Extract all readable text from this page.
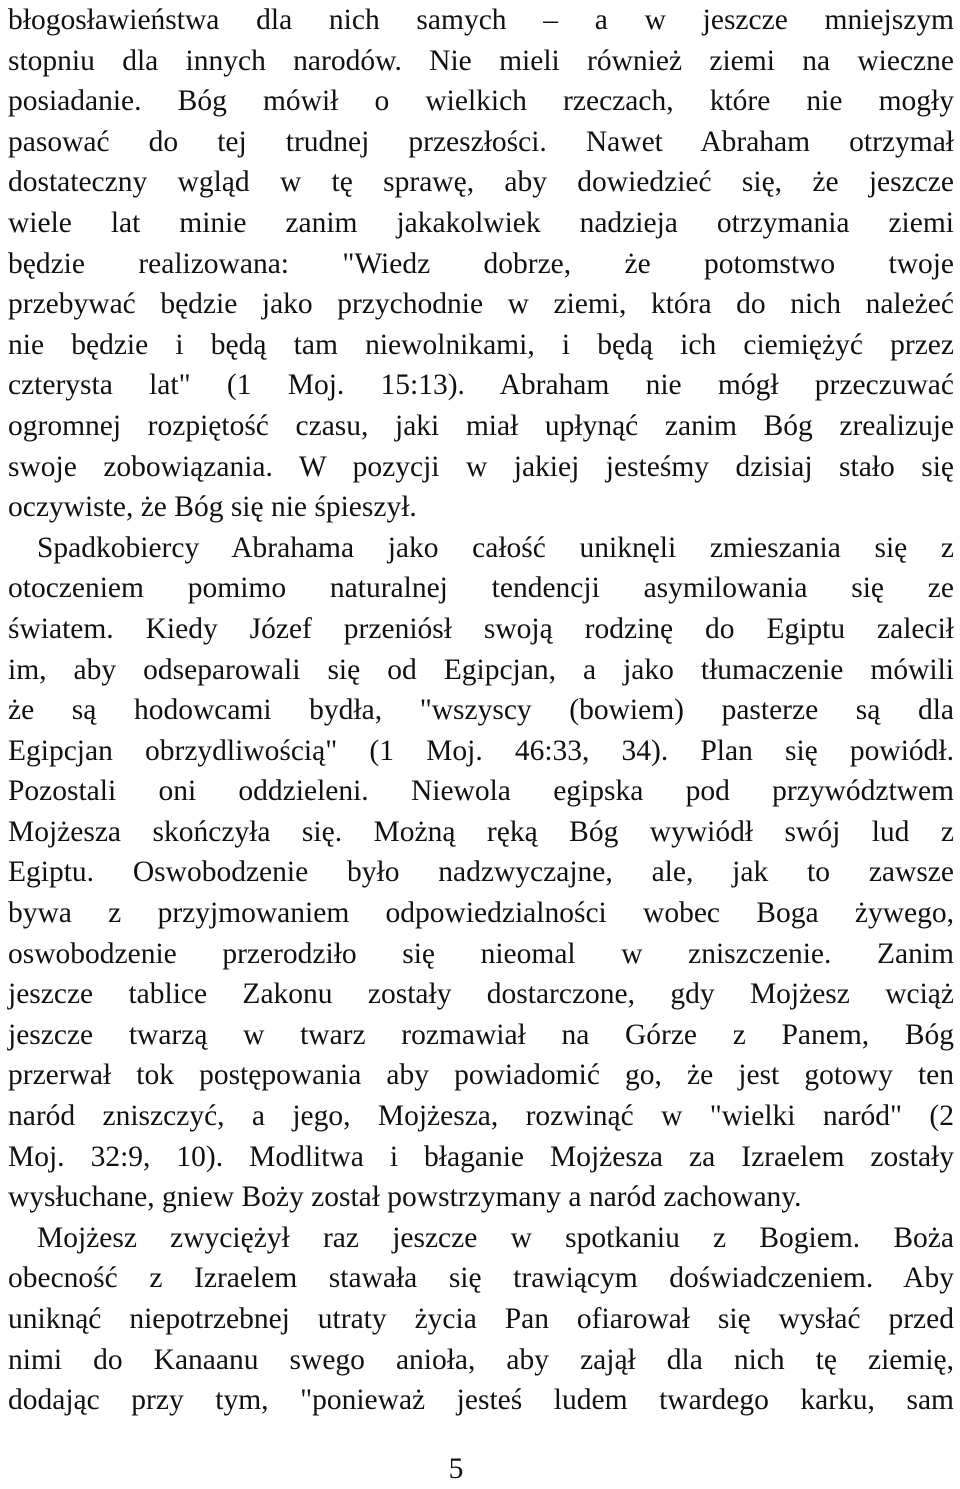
błogosławieństwa dla nich samych – a w jeszcze mniejszym
stopniu dla innych narodów. Nie mieli również ziemi na wieczne
posiadanie. Bóg mówił o wielkich rzeczach, które nie mogły
pasować do tej trudnej przeszłości. Nawet Abraham otrzymał
dostateczny wgląd w tę sprawę, aby dowiedzieć się, że jeszcze
wiele lat minie zanim jakakolwiek nadzieja otrzymania ziemi
będzie realizowana: "Wiedz dobrze, że potomstwo twoje
przebywać będzie jako przychodnie w ziemi, która do nich należeć
nie będzie i będą tam niewolnikami, i będą ich ciemiężyć przez
czterysta lat" (1 Moj. 15:13). Abraham nie mógł przeczuwać
ogromnej rozpiętość czasu, jaki miał upłynąć zanim Bóg zrealizuje
swoje zobowiązania. W pozycji w jakiej jesteśmy dzisiaj stało się
oczywiste, że Bóg się nie śpieszył.
Spadkobiercy Abrahama jako całość uniknęli zmieszania się z
otoczeniem pomimo naturalnej tendencji asymilowania się ze
światem. Kiedy Józef przeniósł swoją rodzinę do Egiptu zalecił
im, aby odseparowali się od Egipcjan, a jako tłumaczenie mówili
że są hodowcami bydła, "wszyscy (bowiem) pasterze są dla
Egipcjan obrzydliwością" (1 Moj. 46:33, 34). Plan się powiódł.
Pozostali oni oddzieleni. Niewola egipska pod przywództwem
Mojżesza skończyła się. Możną ręką Bóg wywiódł swój lud z
Egiptu. Oswobodzenie było nadzwyczajne, ale, jak to zawsze
bywa z przyjmowaniem odpowiedzialności wobec Boga żywego,
oswobodzenie przerodziło się nieomal w zniszczenie. Zanim
jeszcze tablice Zakonu zostały dostarczone, gdy Mojżesz wciąż
jeszcze twarzą w twarz rozmawiał na Górze z Panem, Bóg
przerwał tok postępowania aby powiadomić go, że jest gotowy ten
naród zniszczyć, a jego, Mojżesza, rozwinąć w "wielki naród" (2
Moj. 32:9, 10). Modlitwa i błaganie Mojżesza za Izraelem zostały
wysłuchane, gniew Boży został powstrzymany a naród zachowany.
Mojżesz zwyciężył raz jeszcze w spotkaniu z Bogiem. Boża
obecność z Izraelem stawała się trawiącym doświadczeniem. Aby
uniknąć niepotrzebnej utraty życia Pan ofiarował się wysłać przed
nimi do Kanaanu swego anioła, aby zajął dla nich tę ziemię,
dodając przy tym, "ponieważ jesteś ludem twardego karku, sam
5
